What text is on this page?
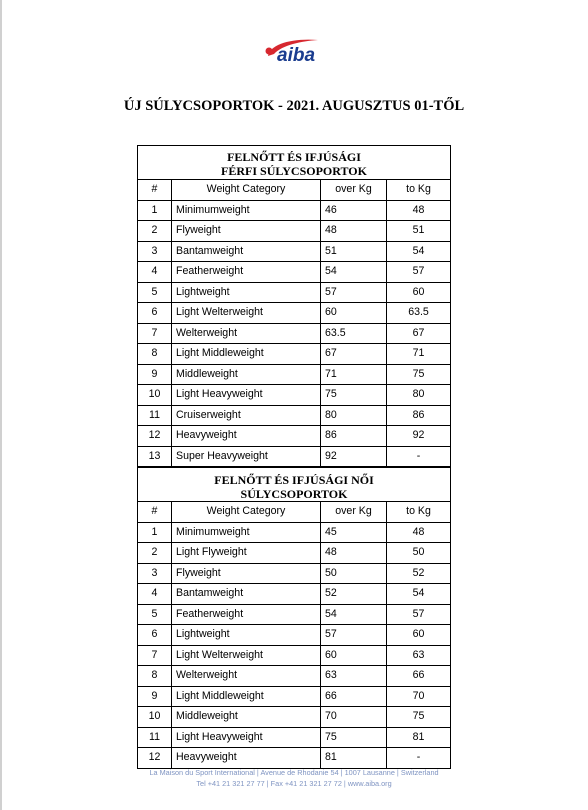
aiba
ÚJ SÚLYCSOPORTOK - 2021. AUGUSZTUS 01-TŐL
FELNŐTT ÉS IFJÚSÁGI
FÉRFI SÚLYCSOPORTOK
#	Weight Category	over Kg	to Kg
1	Minimumweight	46	48
2	Flyweight	48	51
3	Bantamweight	51	54
4	Featherweight	54	57
5	Lightweight	57	60
6	Light Welterweight	60	63.5
7	Welterweight	63.5	67
8	Light Middleweight	67	71
9	Middleweight	71	75
10	Light Heavyweight	75	80
11	Cruiserweight	80	86
12	Heavyweight	86	92
13	Super Heavyweight	92	-
FELNŐTT ÉS IFJÚSÁGI NŐI
SÚLYCSOPORTOK
#	Weight Category	over Kg	to Kg
1	Minimumweight	45	48
2	Light Flyweight	48	50
3	Flyweight	50	52
4	Bantamweight	52	54
5	Featherweight	54	57
6	Lightweight	57	60
7	Light Welterweight	60	63
8	Welterweight	63	66
9	Light Middleweight	66	70
10	Middleweight	70	75
11	Light Heavyweight	75	81
12	Heavyweight	81	-
La Maison du Sport International | Avenue de Rhodanie 54 | 1007 Lausanne | Switzerland
Tel +41 21 321 27 77 | Fax +41 21 321 27 72 | www.aiba.org
